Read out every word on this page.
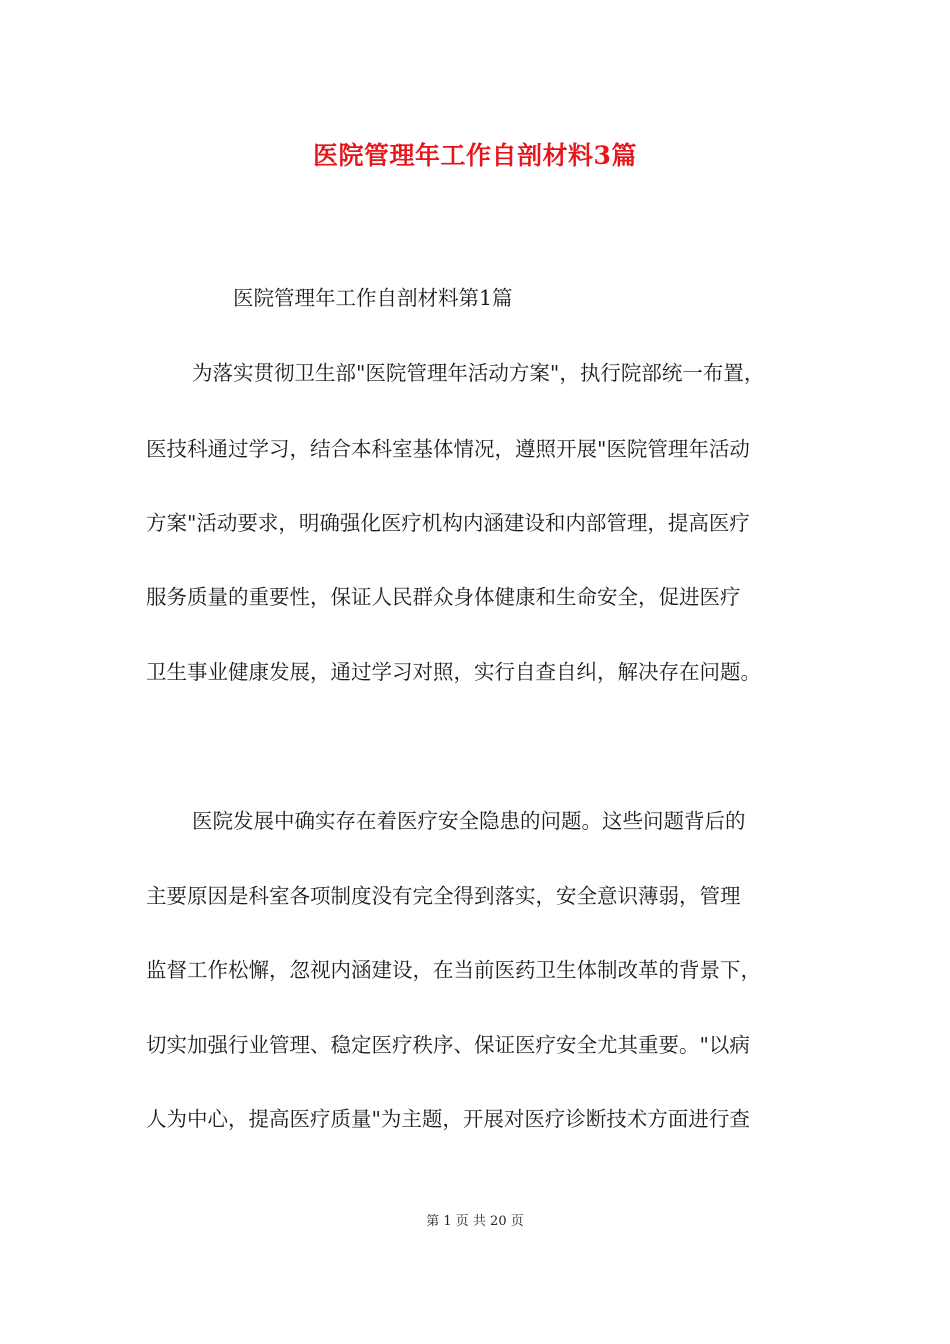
医院管理年工作自剖材料3篇
医院管理年工作自剖材料第1篇
为落实贯彻卫生部"医院管理年活动方案"，执行院部统一布置，
医技科通过学习，结合本科室基体情况，遵照开展"医院管理年活动
方案"活动要求，明确强化医疗机构内涵建设和内部管理，提高医疗
服务质量的重要性，保证人民群众身体健康和生命安全，促进医疗
卫生事业健康发展，通过学习对照，实行自查自纠，解决存在问题。
医院发展中确实存在着医疗安全隐患的问题。这些问题背后的
主要原因是科室各项制度没有完全得到落实，安全意识薄弱，管理
监督工作松懈，忽视内涵建设，在当前医药卫生体制改革的背景下，
切实加强行业管理、稳定医疗秩序、保证医疗安全尤其重要。"以病
人为中心，提高医疗质量"为主题，开展对医疗诊断技术方面进行查
第 1 页 共 20 页
